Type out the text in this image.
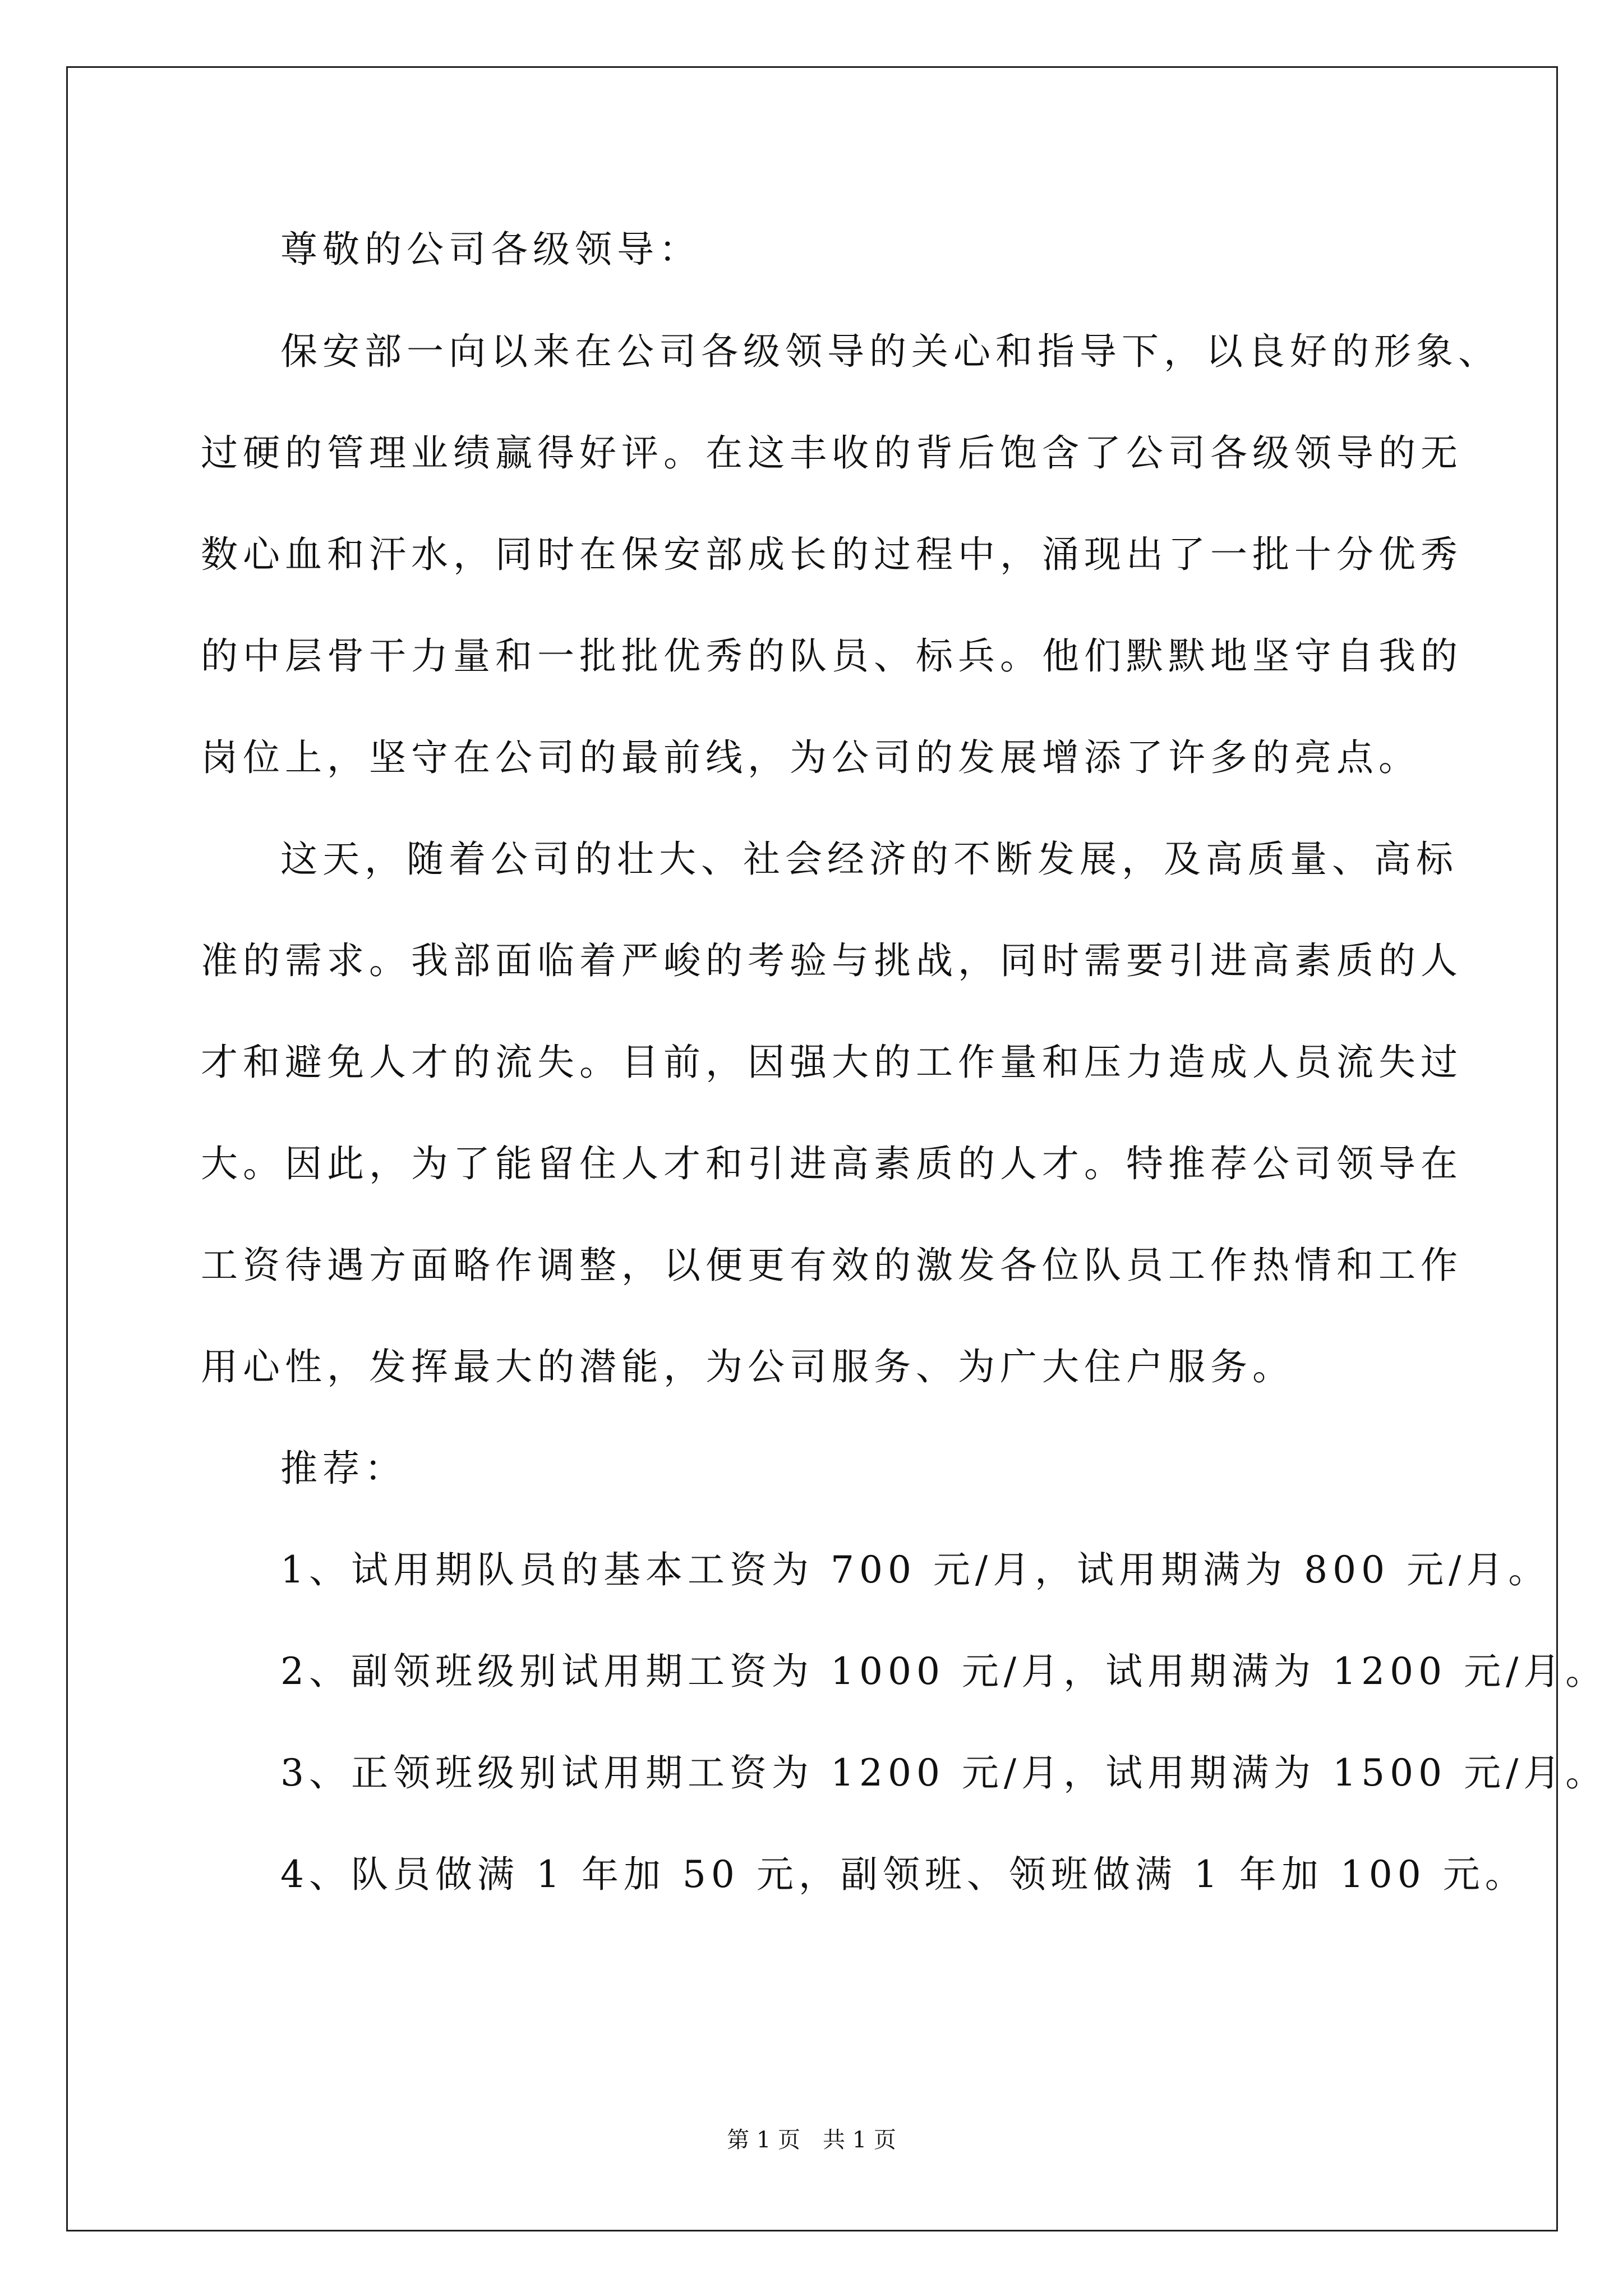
尊敬的公司各级领导：
保安部一向以来在公司各级领导的关心和指导下，以良好的形象、
过硬的管理业绩赢得好评。在这丰收的背后饱含了公司各级领导的无
数心血和汗水，同时在保安部成长的过程中，涌现出了一批十分优秀
的中层骨干力量和一批批优秀的队员、标兵。他们默默地坚守自我的
岗位上，坚守在公司的最前线，为公司的发展增添了许多的亮点。
这天，随着公司的壮大、社会经济的不断发展，及高质量、高标
准的需求。我部面临着严峻的考验与挑战，同时需要引进高素质的人
才和避免人才的流失。目前，因强大的工作量和压力造成人员流失过
大。因此，为了能留住人才和引进高素质的人才。特推荐公司领导在
工资待遇方面略作调整，以便更有效的激发各位队员工作热情和工作
用心性，发挥最大的潜能，为公司服务、为广大住户服务。
推荐：
1、试用期队员的基本工资为 700 元/月，试用期满为 800 元/月。
2、副领班级别试用期工资为 1000 元/月，试用期满为 1200 元/月。
3、正领班级别试用期工资为 1200 元/月，试用期满为 1500 元/月。
4、队员做满 1 年加 50 元，副领班、领班做满 1 年加 100 元。
第 1 页 共 1 页
